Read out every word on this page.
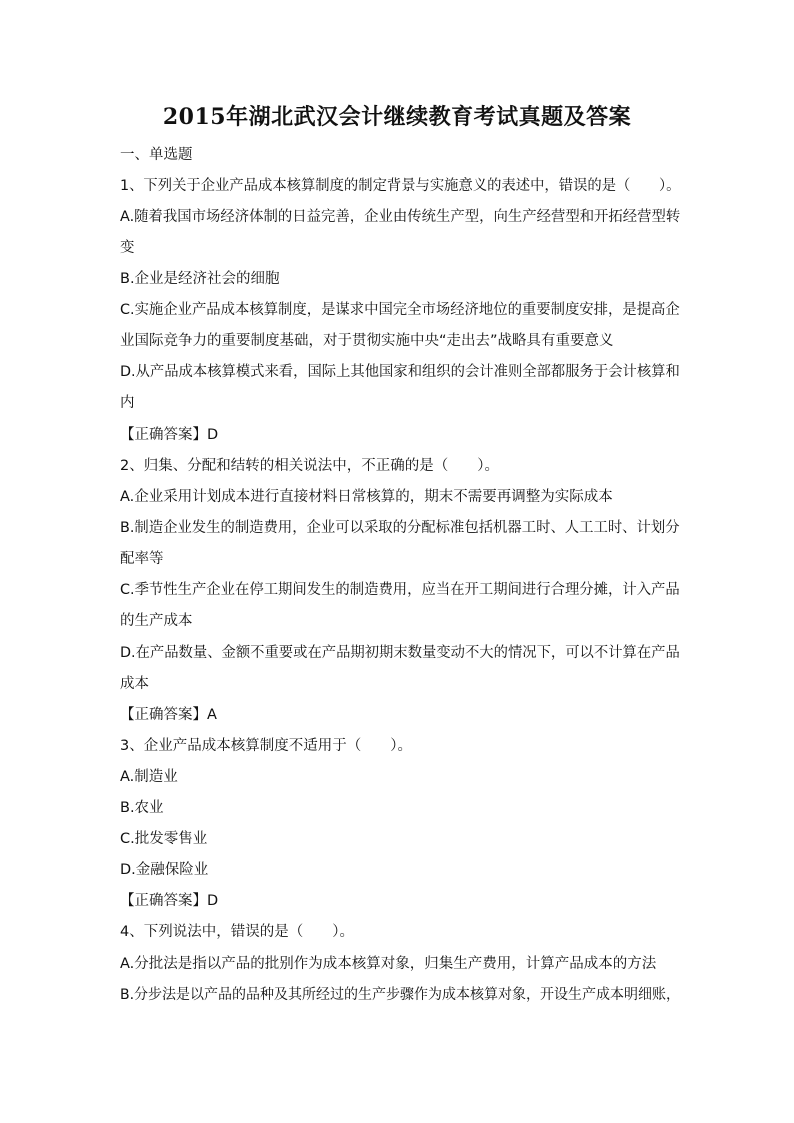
2015年湖北武汉会计继续教育考试真题及答案
一、单选题
1、下列关于企业产品成本核算制度的制定背景与实施意义的表述中，错误的是（　　）。
A.随着我国市场经济体制的日益完善，企业由传统生产型，向生产经营型和开拓经营型转
变
B.企业是经济社会的细胞
C.实施企业产品成本核算制度，是谋求中国完全市场经济地位的重要制度安排，是提高企
业国际竞争力的重要制度基础，对于贯彻实施中央“走出去”战略具有重要意义
D.从产品成本核算模式来看，国际上其他国家和组织的会计准则全部都服务于会计核算和
内
【正确答案】D
2、归集、分配和结转的相关说法中，不正确的是（　　）。
A.企业采用计划成本进行直接材料日常核算的，期末不需要再调整为实际成本
B.制造企业发生的制造费用，企业可以采取的分配标准包括机器工时、人工工时、计划分
配率等
C.季节性生产企业在停工期间发生的制造费用，应当在开工期间进行合理分摊，计入产品
的生产成本
D.在产品数量、金额不重要或在产品期初期末数量变动不大的情况下，可以不计算在产品
成本
【正确答案】A
3、企业产品成本核算制度不适用于（　　）。
A.制造业
B.农业
C.批发零售业
D.金融保险业
【正确答案】D
4、下列说法中，错误的是（　　）。
A.分批法是指以产品的批别作为成本核算对象，归集生产费用，计算产品成本的方法
B.分步法是以产品的品种及其所经过的生产步骤作为成本核算对象，开设生产成本明细账，
